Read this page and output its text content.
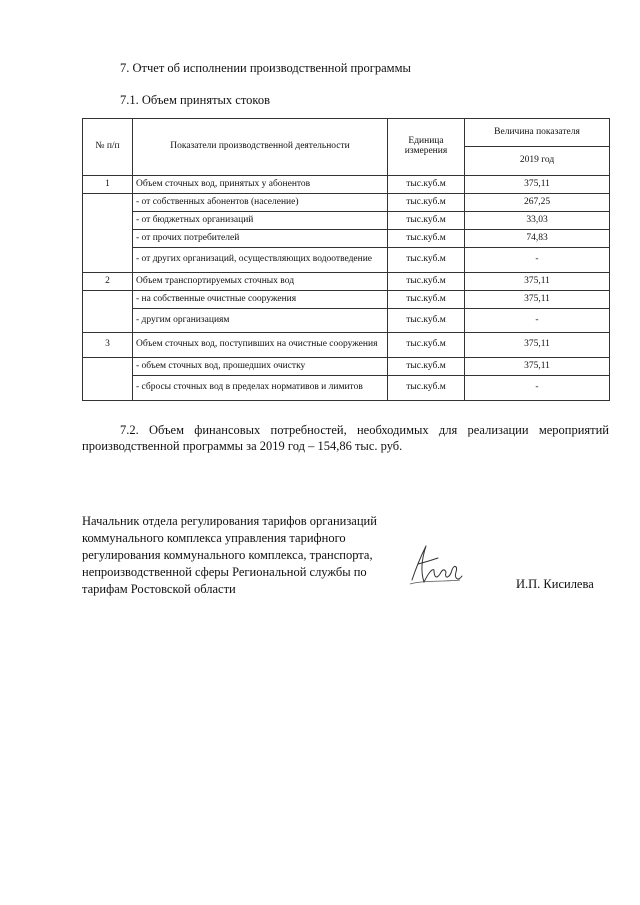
7. Отчет об исполнении производственной программы
7.1. Объем принятых стоков
№ п/п	Показатели производственной деятельности	Единица измерения	Величина показателя
			2019 год
1	Объем сточных вод, принятых у абонентов	тыс.куб.м	375,11
	- от собственных абонентов (население)	тыс.куб.м	267,25
	- от бюджетных организаций	тыс.куб.м	33,03
	- от прочих потребителей	тыс.куб.м	74,83
	- от других организаций, осуществляющих водоотведение	тыс.куб.м	-
2	Объем транспортируемых сточных вод	тыс.куб.м	375,11
	- на собственные очистные сооружения	тыс.куб.м	375,11
	- другим организациям	тыс.куб.м	-
3	Объем сточных вод, поступивших на очистные сооружения	тыс.куб.м	375,11
	- объем сточных вод, прошедших очистку	тыс.куб.м	375,11
	- сбросы сточных вод в пределах нормативов и лимитов	тыс.куб.м	-
7.2. Объем финансовых потребностей, необходимых для реализации мероприятий производственной программы за 2019 год – 154,86 тыс. руб.
Начальник отдела регулирования тарифов организаций коммунального комплекса управления тарифного регулирования коммунального комплекса, транспорта, непроизводственной сферы Региональной службы по тарифам Ростовской области	И.П. Кисилева
